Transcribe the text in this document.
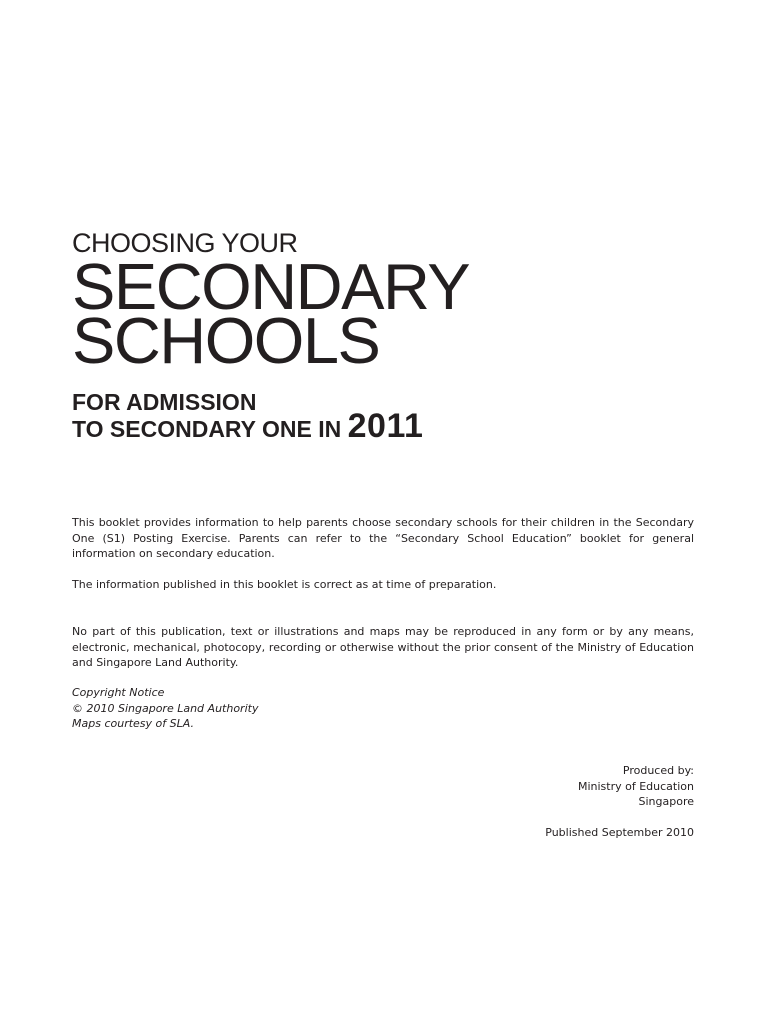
CHOOSING YOUR
SECONDARY
SCHOOLS
FOR ADMISSION
TO SECONDARY ONE IN 2011

This booklet provides information to help parents choose secondary schools for their children in the Secondary One (S1) Posting Exercise. Parents can refer to the “Secondary School Education” booklet for general information on secondary education.

The information published in this booklet is correct as at time of preparation.

No part of this publication, text or illustrations and maps may be reproduced in any form or by any means, electronic, mechanical, photocopy, recording or otherwise without the prior consent of the Ministry of Education and Singapore Land Authority.

Copyright Notice
© 2010 Singapore Land Authority
Maps courtesy of SLA.
Produced by:
Ministry of Education
Singapore
Published September 2010
